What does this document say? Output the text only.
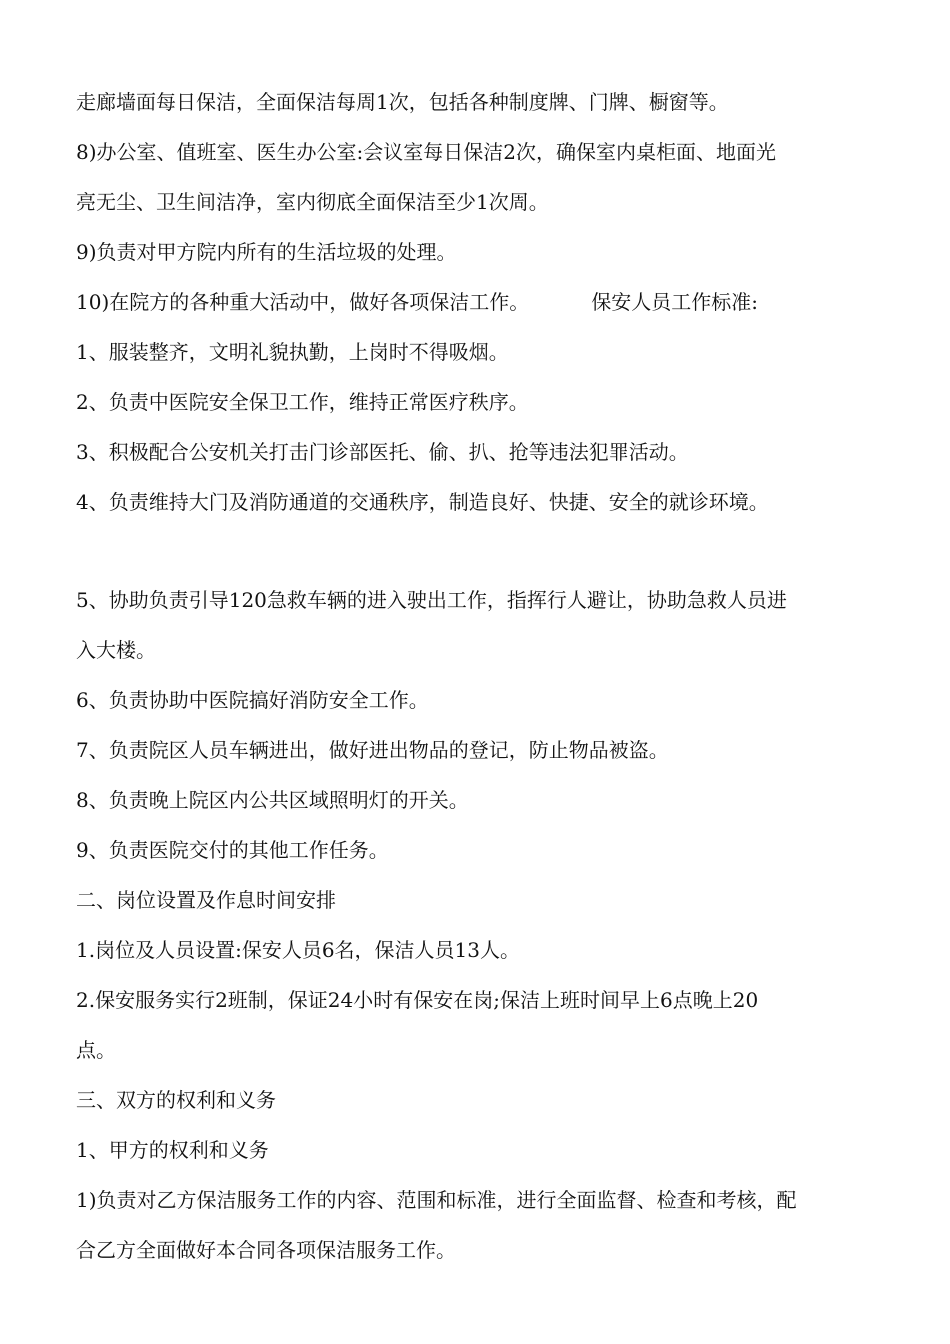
走廊墙面每日保洁，全面保洁每周1次，包括各种制度牌、门牌、橱窗等。
8)办公室、值班室、医生办公室:会议室每日保洁2次，确保室内桌柜面、地面光
亮无尘、卫生间洁净，室内彻底全面保洁至少1次周。
9)负责对甲方院内所有的生活垃圾的处理。
10)在院方的各种重大活动中，做好各项保洁工作。	保安人员工作标准:
1、服装整齐，文明礼貌执勤，上岗时不得吸烟。
2、负责中医院安全保卫工作，维持正常医疗秩序。
3、积极配合公安机关打击门诊部医托、偷、扒、抢等违法犯罪活动。
4、负责维持大门及消防通道的交通秩序，制造良好、快捷、安全的就诊环境。
5、协助负责引导120急救车辆的进入驶出工作，指挥行人避让，协助急救人员进
入大楼。
6、负责协助中医院搞好消防安全工作。
7、负责院区人员车辆进出，做好进出物品的登记，防止物品被盗。
8、负责晚上院区内公共区域照明灯的开关。
9、负责医院交付的其他工作任务。
二、岗位设置及作息时间安排
1.岗位及人员设置:保安人员6名，保洁人员13人。
2.保安服务实行2班制，保证24小时有保安在岗;保洁上班时间早上6点晚上20
点。
三、双方的权利和义务
1、甲方的权利和义务
1)负责对乙方保洁服务工作的内容、范围和标准，进行全面监督、检查和考核，配
合乙方全面做好本合同各项保洁服务工作。
